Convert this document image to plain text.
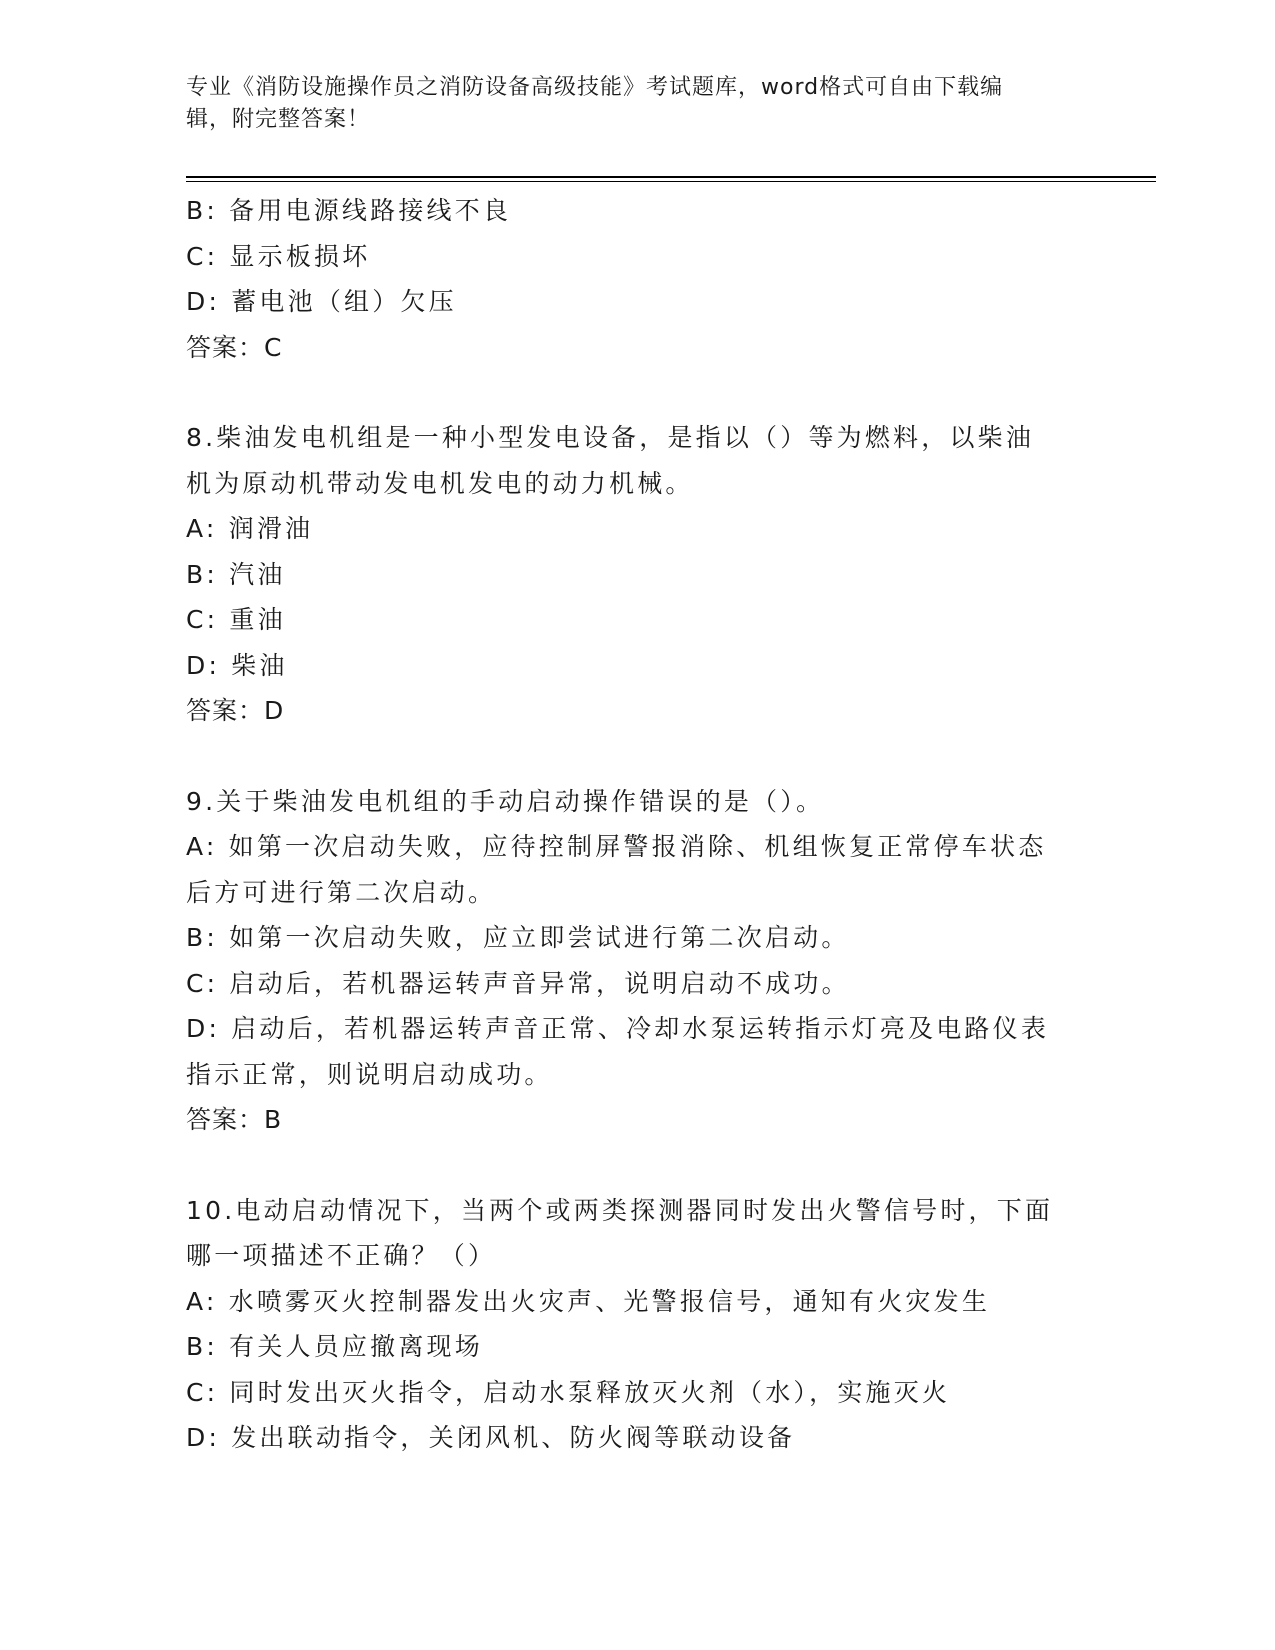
专业《消防设施操作员之消防设备高级技能》考试题库，word格式可自由下载编
辑，附完整答案！
B: 备用电源线路接线不良
C: 显示板损坏
D: 蓄电池（组）欠压
答案：C
8.柴油发电机组是一种小型发电设备，是指以（）等为燃料，以柴油
机为原动机带动发电机发电的动力机械。
A: 润滑油
B: 汽油
C: 重油
D: 柴油
答案：D
9.关于柴油发电机组的手动启动操作错误的是（）。
A: 如第一次启动失败，应待控制屏警报消除、机组恢复正常停车状态
后方可进行第二次启动。
B: 如第一次启动失败，应立即尝试进行第二次启动。
C: 启动后，若机器运转声音异常，说明启动不成功。
D: 启动后，若机器运转声音正常、冷却水泵运转指示灯亮及电路仪表
指示正常，则说明启动成功。
答案：B
10.电动启动情况下，当两个或两类探测器同时发出火警信号时，下面
哪一项描述不正确？（）
A: 水喷雾灭火控制器发出火灾声、光警报信号，通知有火灾发生
B: 有关人员应撤离现场
C: 同时发出灭火指令，启动水泵释放灭火剂（水），实施灭火
D: 发出联动指令，关闭风机、防火阀等联动设备
